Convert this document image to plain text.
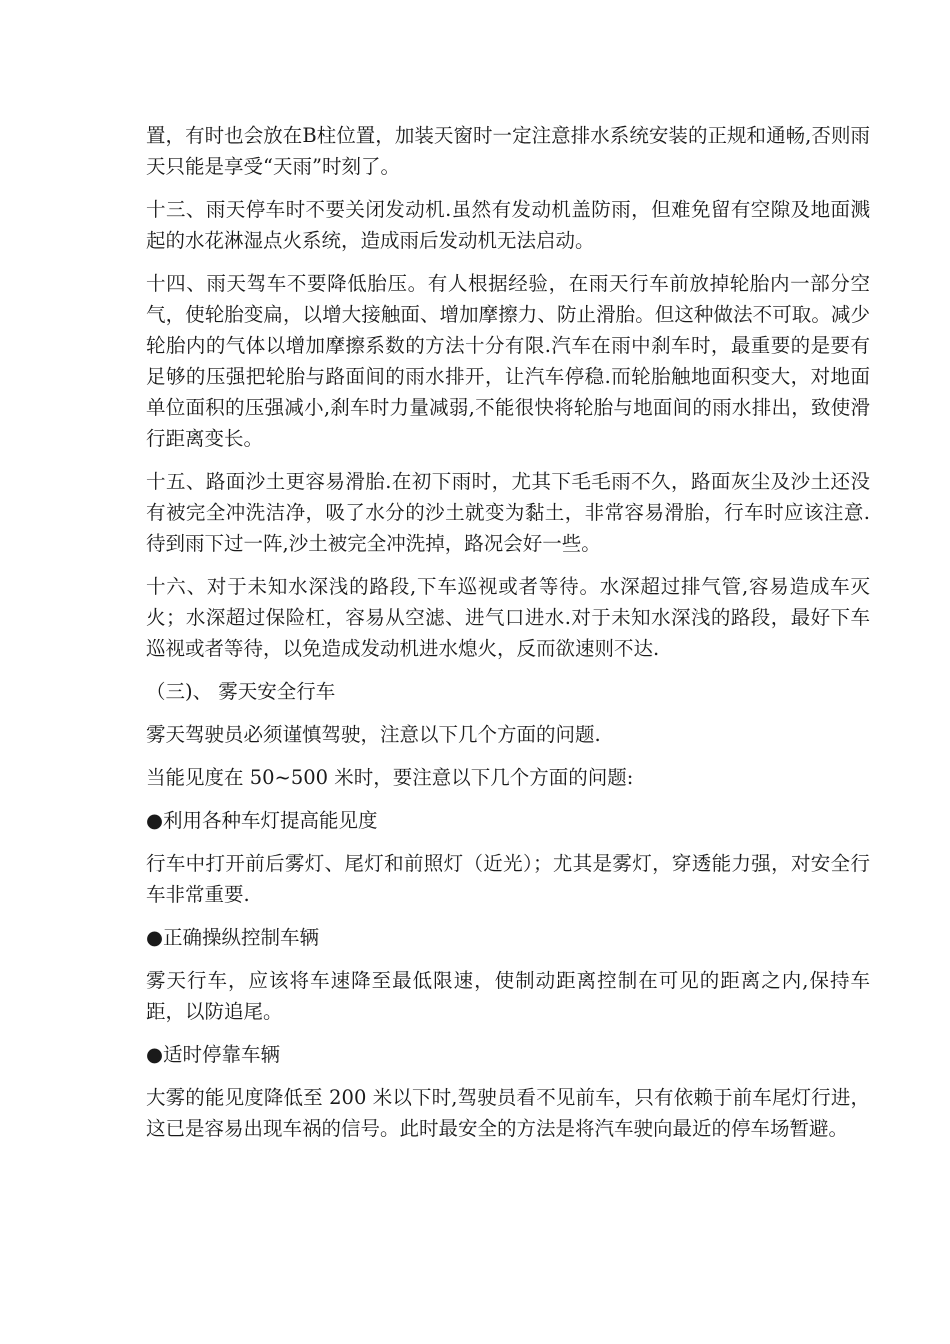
置，有时也会放在B柱位置，加装天窗时一定注意排水系统安装的正规和通畅,否则雨天只能是享受“天雨”时刻了。

十三、雨天停车时不要关闭发动机.虽然有发动机盖防雨，但难免留有空隙及地面溅起的水花淋湿点火系统，造成雨后发动机无法启动。

十四、雨天驾车不要降低胎压。有人根据经验，在雨天行车前放掉轮胎内一部分空气，使轮胎变扁，以增大接触面、增加摩擦力、防止滑胎。但这种做法不可取。减少轮胎内的气体以增加摩擦系数的方法十分有限.汽车在雨中刹车时，最重要的是要有足够的压强把轮胎与路面间的雨水排开，让汽车停稳.而轮胎触地面积变大，对地面单位面积的压强减小,刹车时力量减弱,不能很快将轮胎与地面间的雨水排出，致使滑行距离变长。

十五、路面沙土更容易滑胎.在初下雨时，尤其下毛毛雨不久，路面灰尘及沙土还没有被完全冲洗洁净，吸了水分的沙土就变为黏土，非常容易滑胎，行车时应该注意.待到雨下过一阵,沙土被完全冲洗掉，路况会好一些。

十六、对于未知水深浅的路段,下车巡视或者等待。水深超过排气管,容易造成车灭火；水深超过保险杠，容易从空滤、进气口进水.对于未知水深浅的路段，最好下车巡视或者等待，以免造成发动机进水熄火，反而欲速则不达.

（三)、 雾天安全行车

雾天驾驶员必须谨慎驾驶，注意以下几个方面的问题.

当能见度在 50~500 米时，要注意以下几个方面的问题:

●利用各种车灯提高能见度

行车中打开前后雾灯、尾灯和前照灯（近光）；尤其是雾灯，穿透能力强，对安全行车非常重要.

●正确操纵控制车辆

雾天行车，应该将车速降至最低限速，使制动距离控制在可见的距离之内,保持车距，以防追尾。

●适时停靠车辆

大雾的能见度降低至 200 米以下时,驾驶员看不见前车，只有依赖于前车尾灯行进，这已是容易出现车祸的信号。此时最安全的方法是将汽车驶向最近的停车场暂避。
